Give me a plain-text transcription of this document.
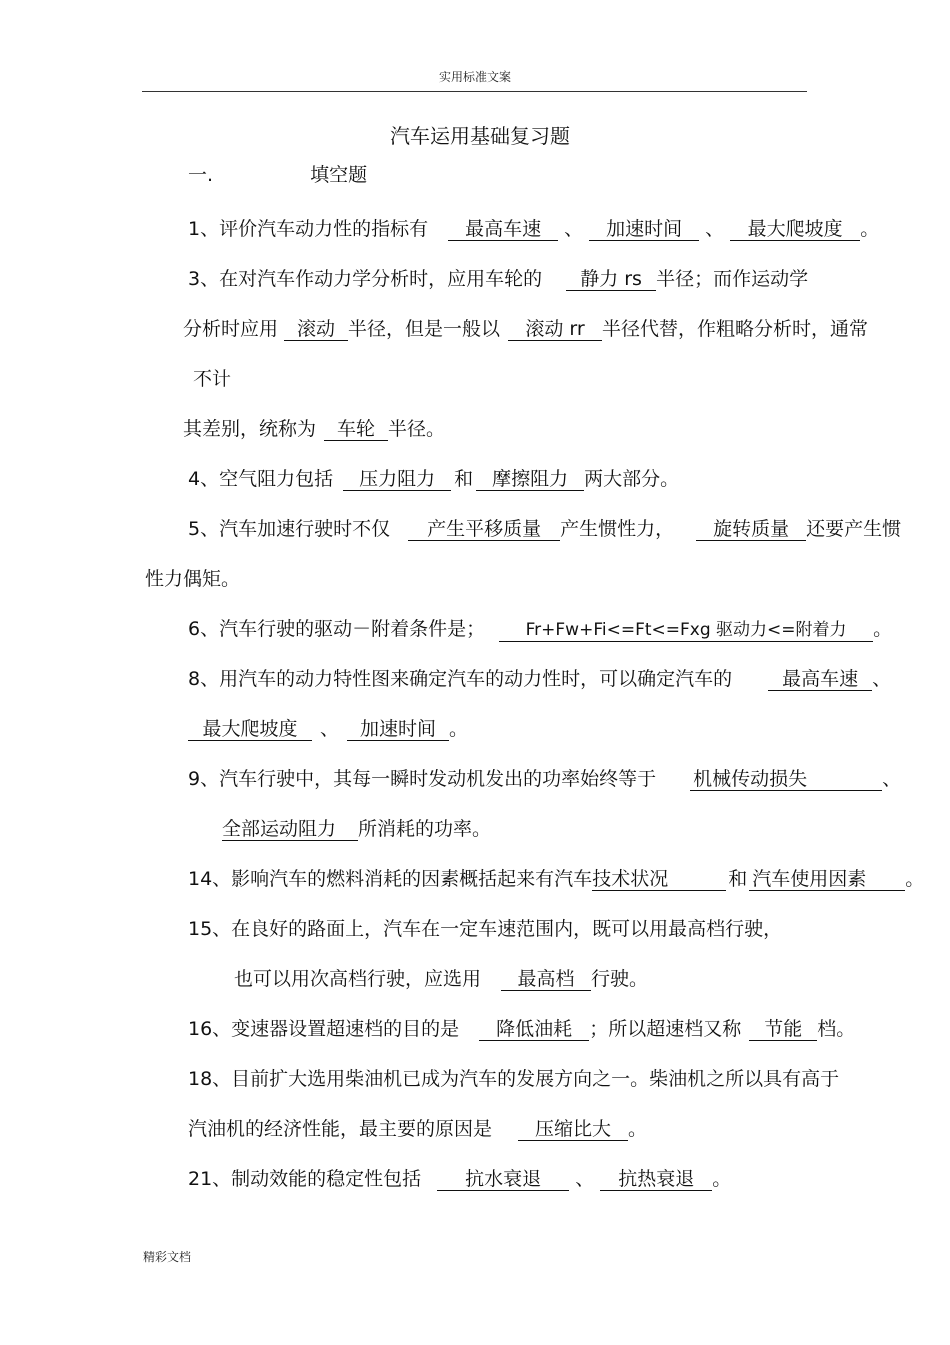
实用标准文案
汽车运用基础复习题
一.	填空题
1、评价汽车动力性的指标有 最高车速 、 加速时间 、 最大爬坡度 。
3、在对汽车作动力学分析时，应用车轮的 静力 rs 半径；而作运动学
分析时应用 滚动 半径，但是一般以 滚动 rr 半径代替，作粗略分析时，通常
不计
其差别，统称为 车轮 半径。
4、空气阻力包括 压力阻力 和 摩擦阻力 两大部分。
5、汽车加速行驶时不仅 产生平移质量 产生惯性力， 旋转质量 还要产生惯
性力偶矩。
6、汽车行驶的驱动－附着条件是； Fr+Fw+Fi<=Ft<=Fxg 驱动力<=附着力 。
8、用汽车的动力特性图来确定汽车的动力性时，可以确定汽车的	最高车速 、
最大爬坡度 、 加速时间 。
9、汽车行驶中，其每一瞬时发动机发出的功率始终等于 机械传动损失	、
全部运动阻力 所消耗的功率。
14、影响汽车的燃料消耗的因素概括起来有汽车技术状况	和 汽车使用因素 。
15、在良好的路面上，汽车在一定车速范围内，既可以用最高档行驶，
也可以用次高档行驶，应选用 最高档 行驶。
16、变速器设置超速档的目的是 降低油耗 ；所以超速档又称 节能 档。
18、目前扩大选用柴油机已成为汽车的发展方向之一。柴油机之所以具有高于
汽油机的经济性能，最主要的原因是 压缩比大 。
21、制动效能的稳定性包括 抗水衰退 、 抗热衰退 。
精彩文档
